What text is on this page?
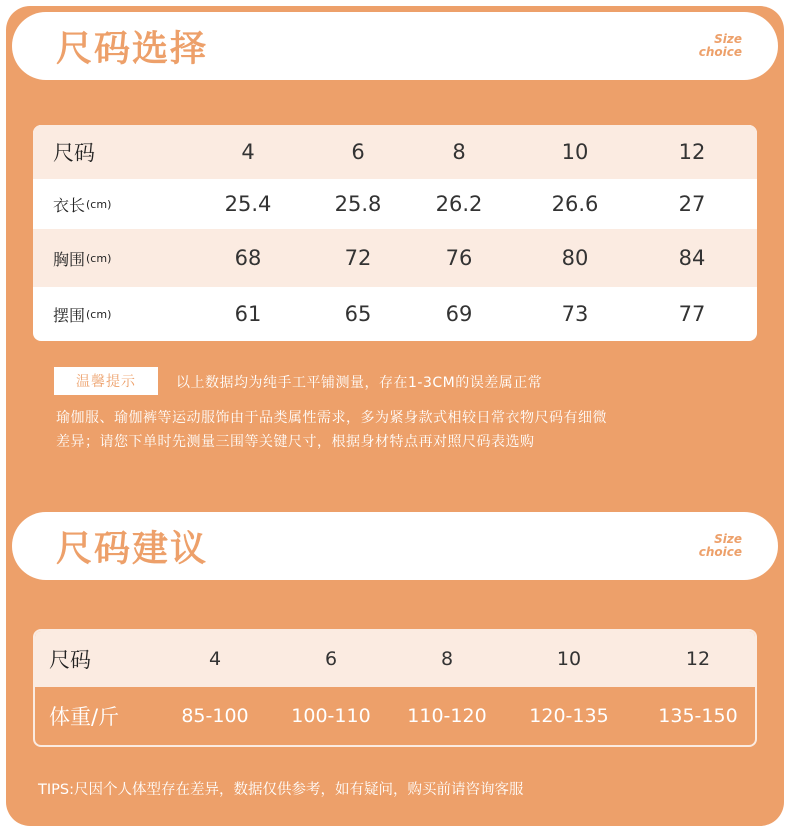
尺码选择	Size
choice
尺码	4	6	8	10	12
衣长 (cm)	25.4	25.8	26.2	26.6	27
胸围 (cm)	68	72	76	80	84
摆围 (cm)	61	65	69	73	77
温馨提示	以上数据均为纯手工平铺测量，存在1-3CM的误差属正常
瑜伽服、瑜伽裤等运动服饰由于品类属性需求，多为紧身款式相较日常衣物尺码有细微
差异；请您下单时先测量三围等关键尺寸，根据身材特点再对照尺码表选购
尺码建议	Size
choice
尺码	4	6	8	10	12
体重/斤	85-100	100-110	110-120	120-135	135-150
TIPS:尺因个人体型存在差异，数据仅供参考，如有疑问，购买前请咨询客服
